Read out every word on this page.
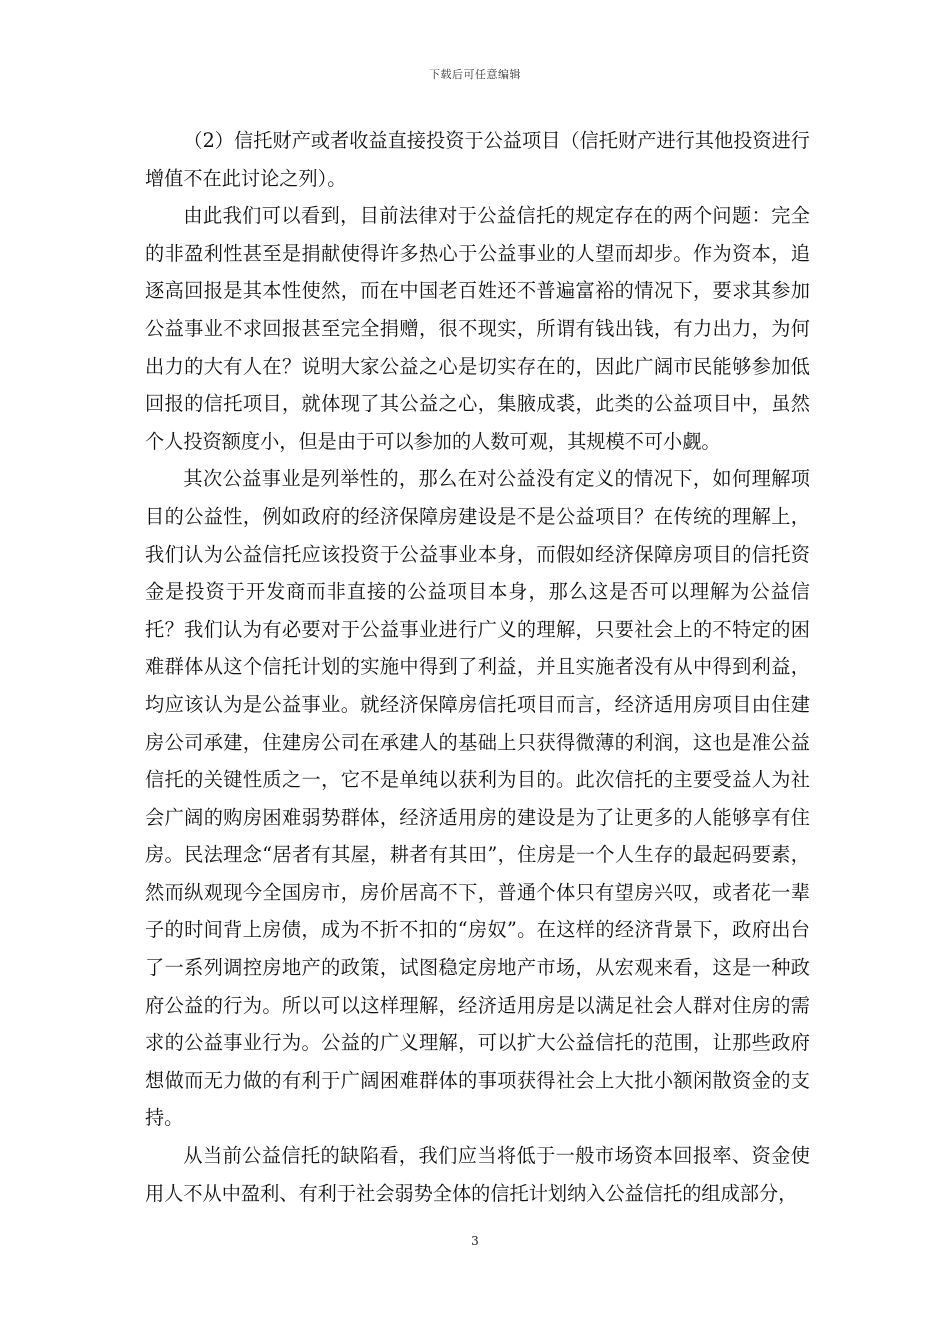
下载后可任意编辑

（2）信托财产或者收益直接投资于公益项目（信托财产进行其他投资进行增值不在此讨论之列）。

由此我们可以看到，目前法律对于公益信托的规定存在的两个问题：完全的非盈利性甚至是捐献使得许多热心于公益事业的人望而却步。作为资本，追逐高回报是其本性使然，而在中国老百姓还不普遍富裕的情况下，要求其参加公益事业不求回报甚至完全捐赠，很不现实，所谓有钱出钱，有力出力，为何出力的大有人在？说明大家公益之心是切实存在的，因此广阔市民能够参加低回报的信托项目，就体现了其公益之心，集腋成裘，此类的公益项目中，虽然个人投资额度小，但是由于可以参加的人数可观，其规模不可小觑。

其次公益事业是列举性的，那么在对公益没有定义的情况下，如何理解项目的公益性，例如政府的经济保障房建设是不是公益项目？在传统的理解上，我们认为公益信托应该投资于公益事业本身，而假如经济保障房项目的信托资金是投资于开发商而非直接的公益项目本身，那么这是否可以理解为公益信托？我们认为有必要对于公益事业进行广义的理解，只要社会上的不特定的困难群体从这个信托计划的实施中得到了利益，并且实施者没有从中得到利益，均应该认为是公益事业。就经济保障房信托项目而言，经济适用房项目由住建房公司承建，住建房公司在承建人的基础上只获得微薄的利润，这也是准公益信托的关键性质之一，它不是单纯以获利为目的。此次信托的主要受益人为社会广阔的购房困难弱势群体，经济适用房的建设是为了让更多的人能够享有住房。民法理念“居者有其屋，耕者有其田”，住房是一个人生存的最起码要素，然而纵观现今全国房市，房价居高不下，普通个体只有望房兴叹，或者花一辈子的时间背上房债，成为不折不扣的“房奴”。在这样的经济背景下，政府出台了一系列调控房地产的政策，试图稳定房地产市场，从宏观来看，这是一种政府公益的行为。所以可以这样理解，经济适用房是以满足社会人群对住房的需求的公益事业行为。公益的广义理解，可以扩大公益信托的范围，让那些政府想做而无力做的有利于广阔困难群体的事项获得社会上大批小额闲散资金的支持。

从当前公益信托的缺陷看，我们应当将低于一般市场资本回报率、资金使用人不从中盈利、有利于社会弱势全体的信托计划纳入公益信托的组成部分，

3
